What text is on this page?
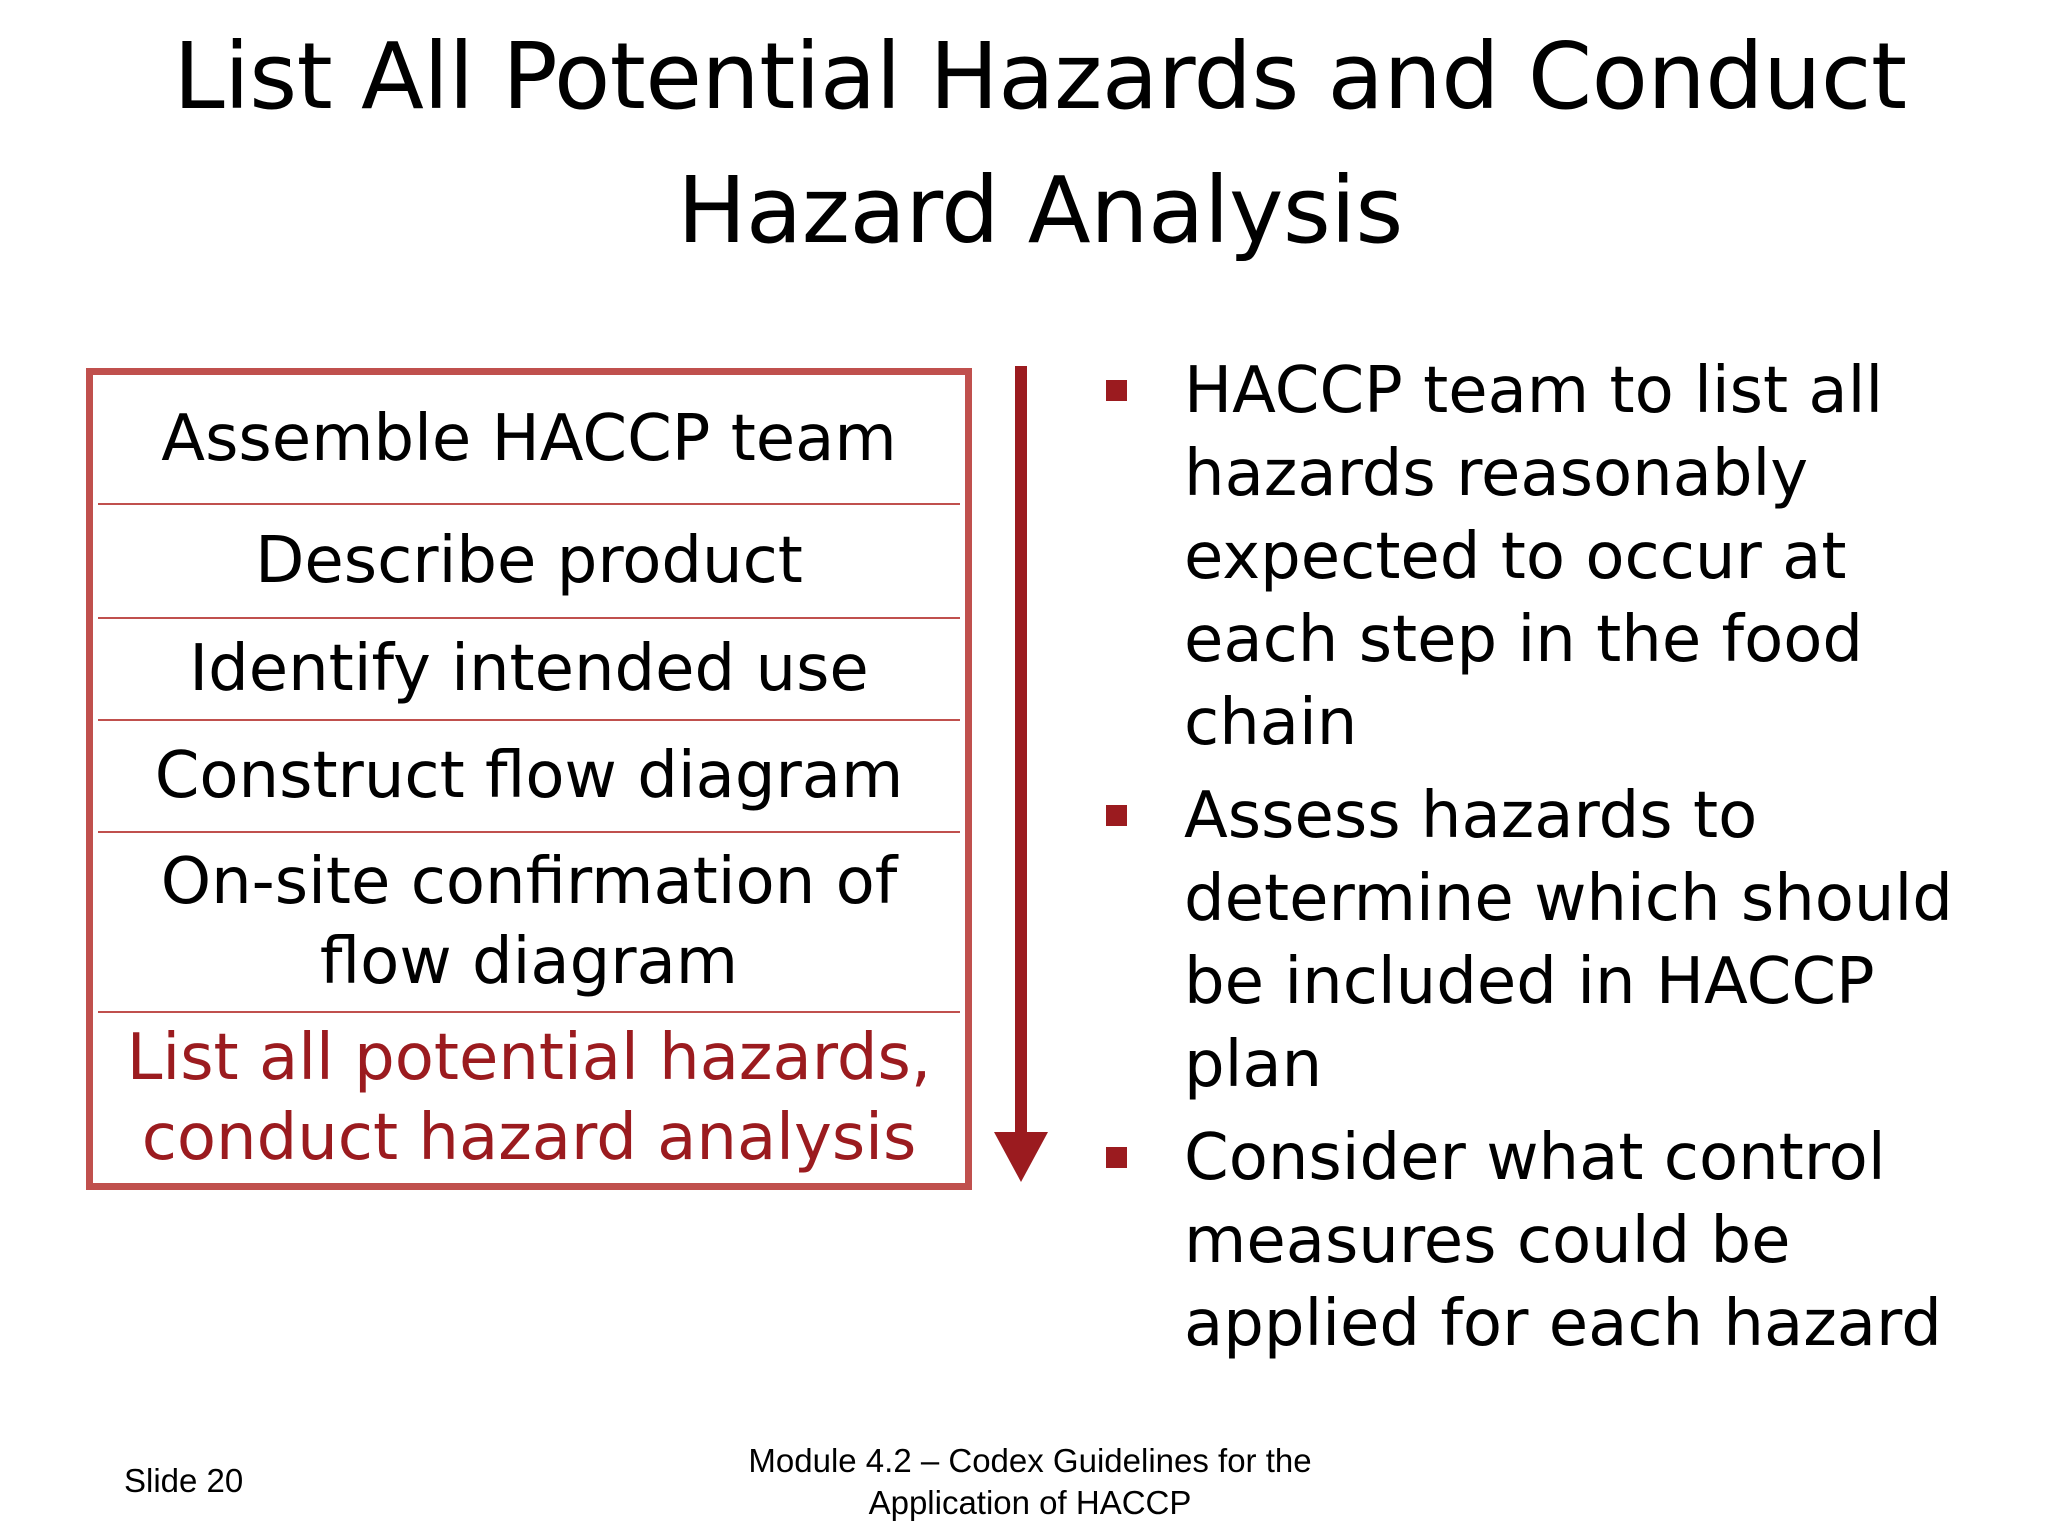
List All Potential Hazards and Conduct Hazard Analysis
Assemble HACCP team
Describe product
Identify intended use
Construct flow diagram
On-site confirmation of
flow diagram
List all potential hazards,
conduct hazard analysis
HACCP team to list all hazards reasonably expected to occur at each step in the food chain
Assess hazards to determine which should be included in HACCP plan
Consider what control measures could be applied for each hazard
Slide 20
Module 4.2 – Codex Guidelines for the
Application of HACCP
